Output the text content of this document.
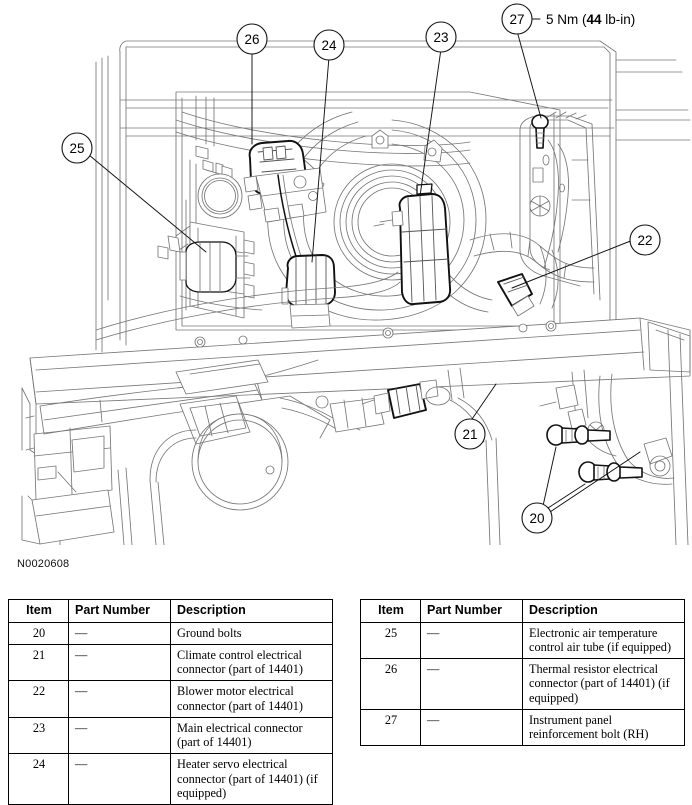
20
21
22
23
24
25
26
27 5 Nm (44 lb-in)
N0020608
Item	Part Number	Description
20	—	Ground bolts
21	—	Climate control electrical connector (part of 14401)
22	—	Blower motor electrical connector (part of 14401)
23	—	Main electrical connector (part of 14401)
24	—	Heater servo electrical connector (part of 14401) (if equipped)
Item	Part Number	Description
25	—	Electronic air temperature control air tube (if equipped)
26	—	Thermal resistor electrical connector (part of 14401) (if equipped)
27	—	Instrument panel reinforcement bolt (RH)
